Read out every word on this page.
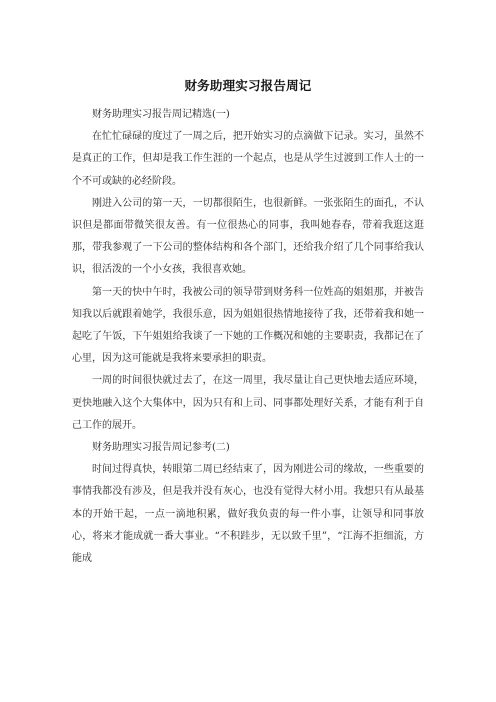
财务助理实习报告周记

财务助理实习报告周记精选(一)

在忙忙碌碌的度过了一周之后，把开始实习的点滴做下记录。实习，虽然不是真正的工作，但却是我工作生涯的一个起点，也是从学生过渡到工作人士的一个不可或缺的必经阶段。

刚进入公司的第一天，一切都很陌生，也很新鲜。一张张陌生的面孔，不认识但是都面带微笑很友善。有一位很热心的同事，我叫她春春，带着我逛这逛那，带我参观了一下公司的整体结构和各个部门，还给我介绍了几个同事给我认识，很活泼的一个小女孩，我很喜欢她。

第一天的快中午时，我被公司的领导带到财务科一位姓高的姐姐那，并被告知我以后就跟着她学，我很乐意，因为姐姐很热情地接待了我，还带着我和她一起吃了午饭，下午姐姐给我谈了一下她的工作概况和她的主要职责，我都记在了心里，因为这可能就是我将来要承担的职责。

一周的时间很快就过去了，在这一周里，我尽量让自己更快地去适应环境，更快地融入这个大集体中，因为只有和上司、同事都处理好关系，才能有利于自己工作的展开。

财务助理实习报告周记参考(二)

时间过得真快，转眼第二周已经结束了，因为刚进公司的缘故，一些重要的事情我都没有涉及，但是我并没有灰心，也没有觉得大材小用。我想只有从最基本的开始干起，一点一滴地积累，做好我负责的每一件小事，让领导和同事放心，将来才能成就一番大事业。“不积跬步，无以致千里”，“江海不拒细流，方能成
